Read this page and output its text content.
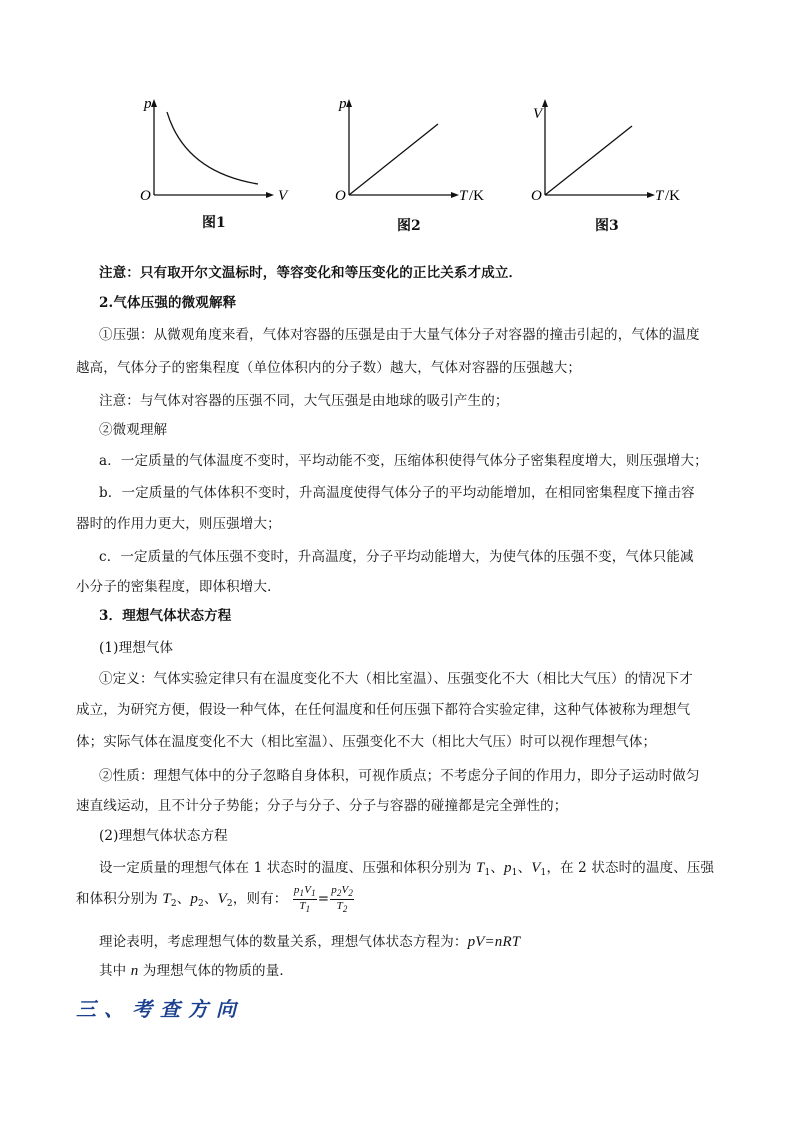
p
O	V
图1
p
O	T /K
图2
V
O	T /K
图3
注意：只有取开尔文温标时，等容变化和等压变化的正比关系才成立．
2.气体压强的微观解释
①压强：从微观角度来看，气体对容器的压强是由于大量气体分子对容器的撞击引起的，气体的温度
越高，气体分子的密集程度（单位体积内的分子数）越大，气体对容器的压强越大；
注意：与气体对容器的压强不同，大气压强是由地球的吸引产生的；
②微观理解
a．一定质量的气体温度不变时，平均动能不变，压缩体积使得气体分子密集程度增大，则压强增大；
b．一定质量的气体体积不变时，升高温度使得气体分子的平均动能增加，在相同密集程度下撞击容
器时的作用力更大，则压强增大；
c．一定质量的气体压强不变时，升高温度，分子平均动能增大，为使气体的压强不变，气体只能减
小分子的密集程度，即体积增大．
3．理想气体状态方程
(1)理想气体
①定义：气体实验定律只有在温度变化不大（相比室温）、压强变化不大（相比大气压）的情况下才
成立，为研究方便，假设一种气体，在任何温度和任何压强下都符合实验定律，这种气体被称为理想气
体；实际气体在温度变化不大（相比室温）、压强变化不大（相比大气压）时可以视作理想气体；
②性质：理想气体中的分子忽略自身体积，可视作质点；不考虑分子间的作用力，即分子运动时做匀
速直线运动，且不计分子势能；分子与分子、分子与容器的碰撞都是完全弹性的；
(2)理想气体状态方程
设一定质量的理想气体在 1 状态时的温度、压强和体积分别为 $T_1$、$p_1$、$V_1$，在 2 状态时的温度、压强
和体积分别为 $T_2$、$p_2$、$V_2$，则有： $\frac{p_1V_1}{T_1} = \frac{p_2V_2}{T_2}$
理论表明，考虑理想气体的数量关系，理想气体状态方程为：pV=nRT
其中 n 为理想气体的物质的量．
三、考查方向
